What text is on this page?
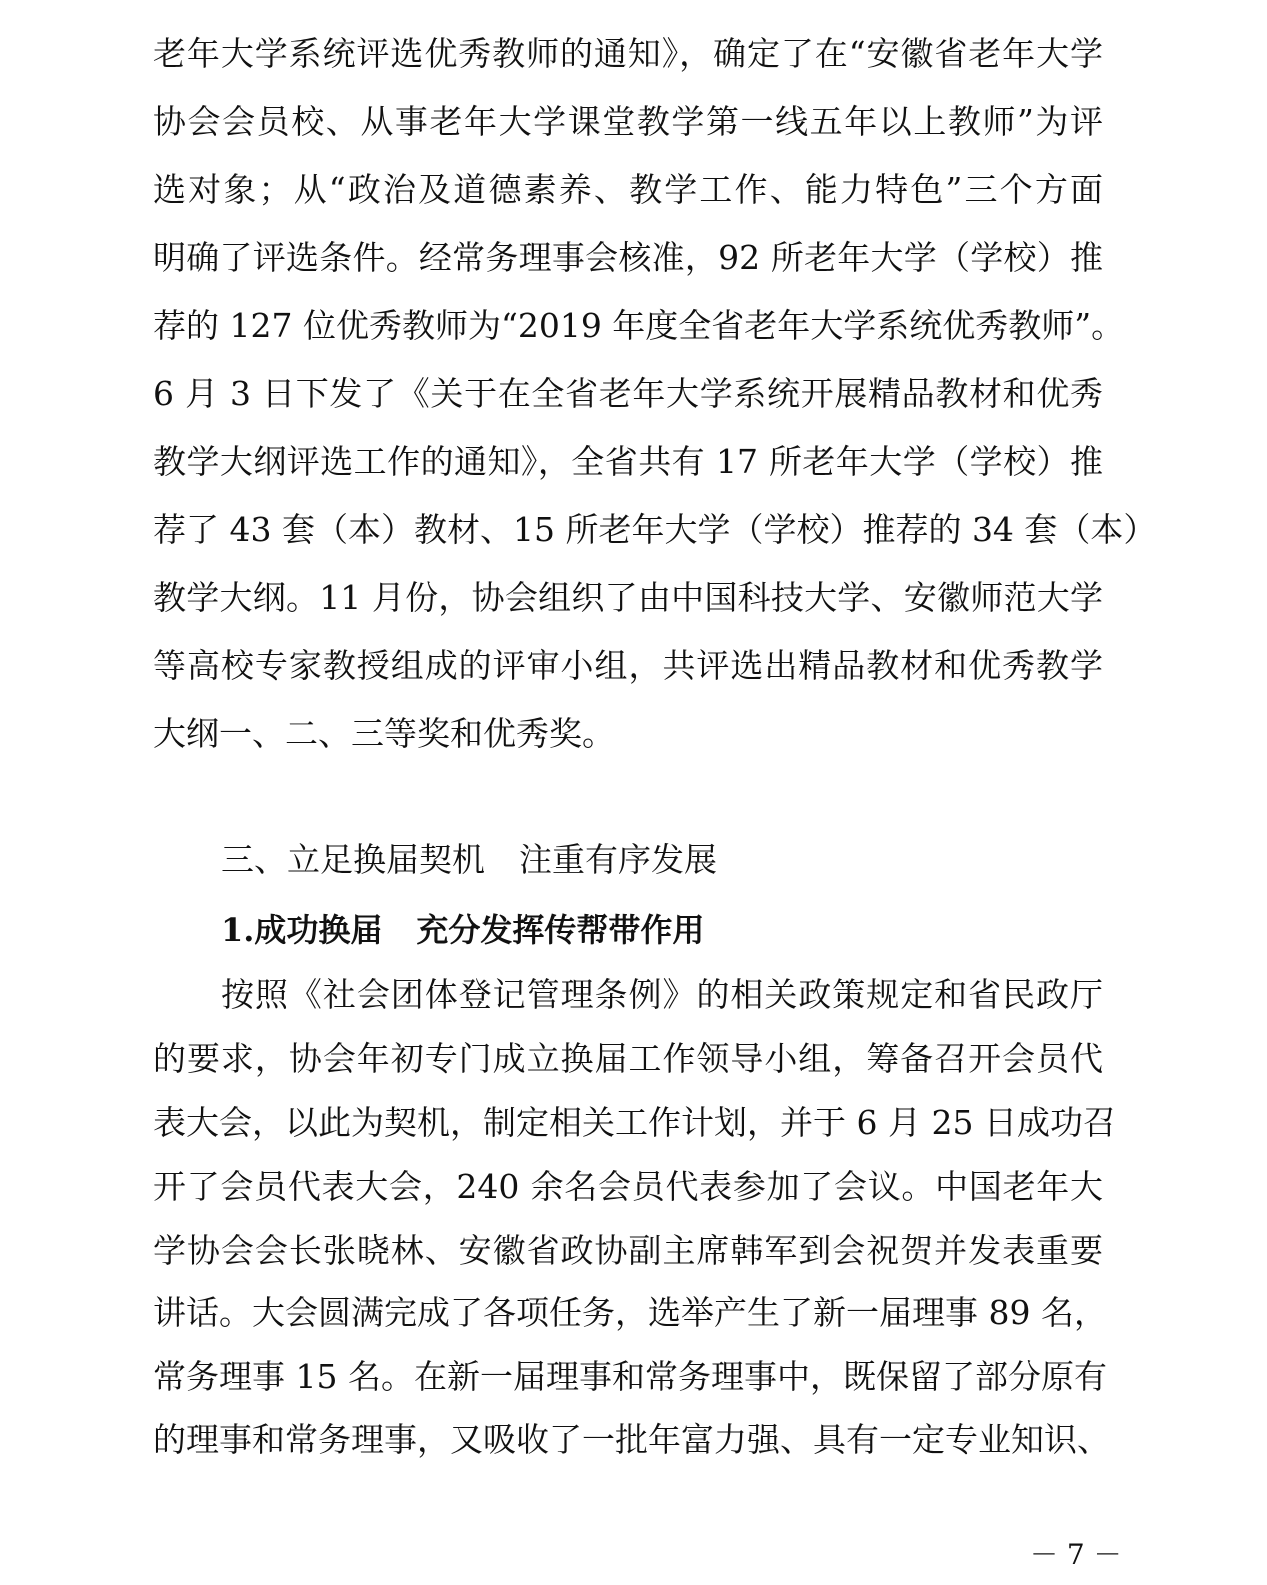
老年大学系统评选优秀教师的通知》，确定了在“安徽省老年大学
协会会员校、从事老年大学课堂教学第一线五年以上教师”为评
选对象；从“政治及道德素养、教学工作、能力特色”三个方面
明确了评选条件。经常务理事会核准，92 所老年大学（学校）推
荐的 127 位优秀教师为“2019 年度全省老年大学系统优秀教师”。
6 月 3 日下发了《关于在全省老年大学系统开展精品教材和优秀
教学大纲评选工作的通知》，全省共有 17 所老年大学（学校）推
荐了 43 套（本）教材、15 所老年大学（学校）推荐的 34 套（本）
教学大纲。11 月份，协会组织了由中国科技大学、安徽师范大学
等高校专家教授组成的评审小组，共评选出精品教材和优秀教学
大纲一、二、三等奖和优秀奖。
三、立足换届契机 注重有序发展
1.成功换届 充分发挥传帮带作用
按照《社会团体登记管理条例》的相关政策规定和省民政厅
的要求，协会年初专门成立换届工作领导小组，筹备召开会员代
表大会，以此为契机，制定相关工作计划，并于 6 月 25 日成功召
开了会员代表大会，240 余名会员代表参加了会议。中国老年大
学协会会长张晓林、安徽省政协副主席韩军到会祝贺并发表重要
讲话。大会圆满完成了各项任务，选举产生了新一届理事 89 名，
常务理事 15 名。在新一届理事和常务理事中，既保留了部分原有
的理事和常务理事，又吸收了一批年富力强、具有一定专业知识、
－ 7 －
